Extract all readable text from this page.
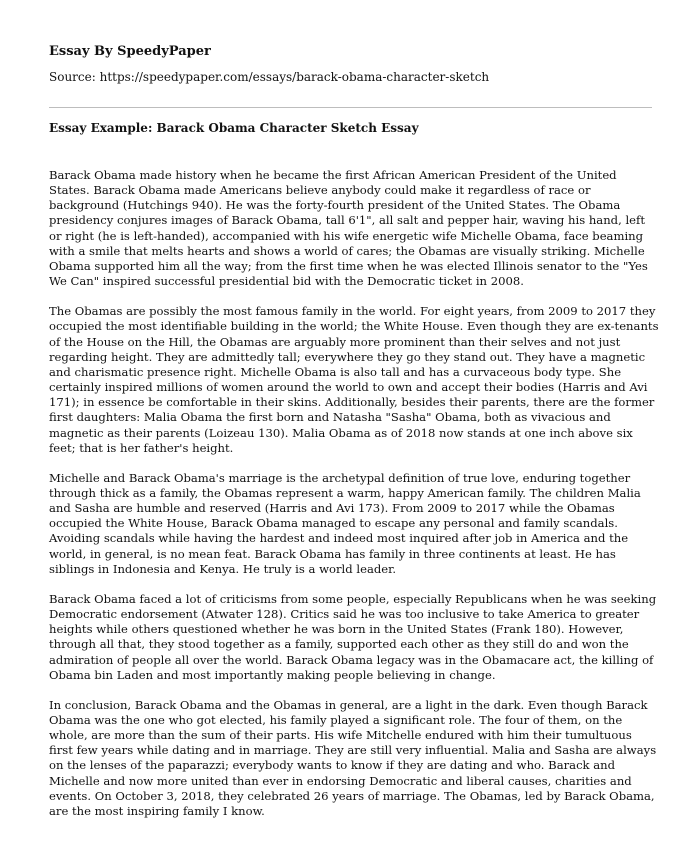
Essay By SpeedyPaper
Source: https://speedypaper.com/essays/barack-obama-character-sketch
Essay Example: Barack Obama Character Sketch Essay

Barack Obama made history when he became the first African American President of the United States. Barack Obama made Americans believe anybody could make it regardless of race or background (Hutchings 940). He was the forty-fourth president of the United States. The Obama presidency conjures images of Barack Obama, tall 6'1", all salt and pepper hair, waving his hand, left or right (he is left-handed), accompanied with his wife energetic wife Michelle Obama, face beaming with a smile that melts hearts and shows a world of cares; the Obamas are visually striking. Michelle Obama supported him all the way; from the first time when he was elected Illinois senator to the "Yes We Can" inspired successful presidential bid with the Democratic ticket in 2008.

The Obamas are possibly the most famous family in the world. For eight years, from 2009 to 2017 they occupied the most identifiable building in the world; the White House. Even though they are ex-tenants of the House on the Hill, the Obamas are arguably more prominent than their selves and not just regarding height. They are admittedly tall; everywhere they go they stand out. They have a magnetic and charismatic presence right. Michelle Obama is also tall and has a curvaceous body type. She certainly inspired millions of women around the world to own and accept their bodies (Harris and Avi 171); in essence be comfortable in their skins. Additionally, besides their parents, there are the former first daughters: Malia Obama the first born and Natasha "Sasha" Obama, both as vivacious and magnetic as their parents (Loizeau 130). Malia Obama as of 2018 now stands at one inch above six feet; that is her father's height.

Michelle and Barack Obama's marriage is the archetypal definition of true love, enduring together through thick as a family, the Obamas represent a warm, happy American family. The children Malia and Sasha are humble and reserved (Harris and Avi 173). From 2009 to 2017 while the Obamas occupied the White House, Barack Obama managed to escape any personal and family scandals. Avoiding scandals while having the hardest and indeed most inquired after job in America and the world, in general, is no mean feat. Barack Obama has family in three continents at least. He has siblings in Indonesia and Kenya. He truly is a world leader.

Barack Obama faced a lot of criticisms from some people, especially Republicans when he was seeking Democratic endorsement (Atwater 128). Critics said he was too inclusive to take America to greater heights while others questioned whether he was born in the United States (Frank 180). However, through all that, they stood together as a family, supported each other as they still do and won the admiration of people all over the world. Barack Obama legacy was in the Obamacare act, the killing of Obama bin Laden and most importantly making people believing in change.

In conclusion, Barack Obama and the Obamas in general, are a light in the dark. Even though Barack Obama was the one who got elected, his family played a significant role. The four of them, on the whole, are more than the sum of their parts. His wife Mitchelle endured with him their tumultuous first few years while dating and in marriage. They are still very influential. Malia and Sasha are always on the lenses of the paparazzi; everybody wants to know if they are dating and who. Barack and Michelle and now more united than ever in endorsing Democratic and liberal causes, charities and events. On October 3, 2018, they celebrated 26 years of marriage. The Obamas, led by Barack Obama, are the most inspiring family I know.
